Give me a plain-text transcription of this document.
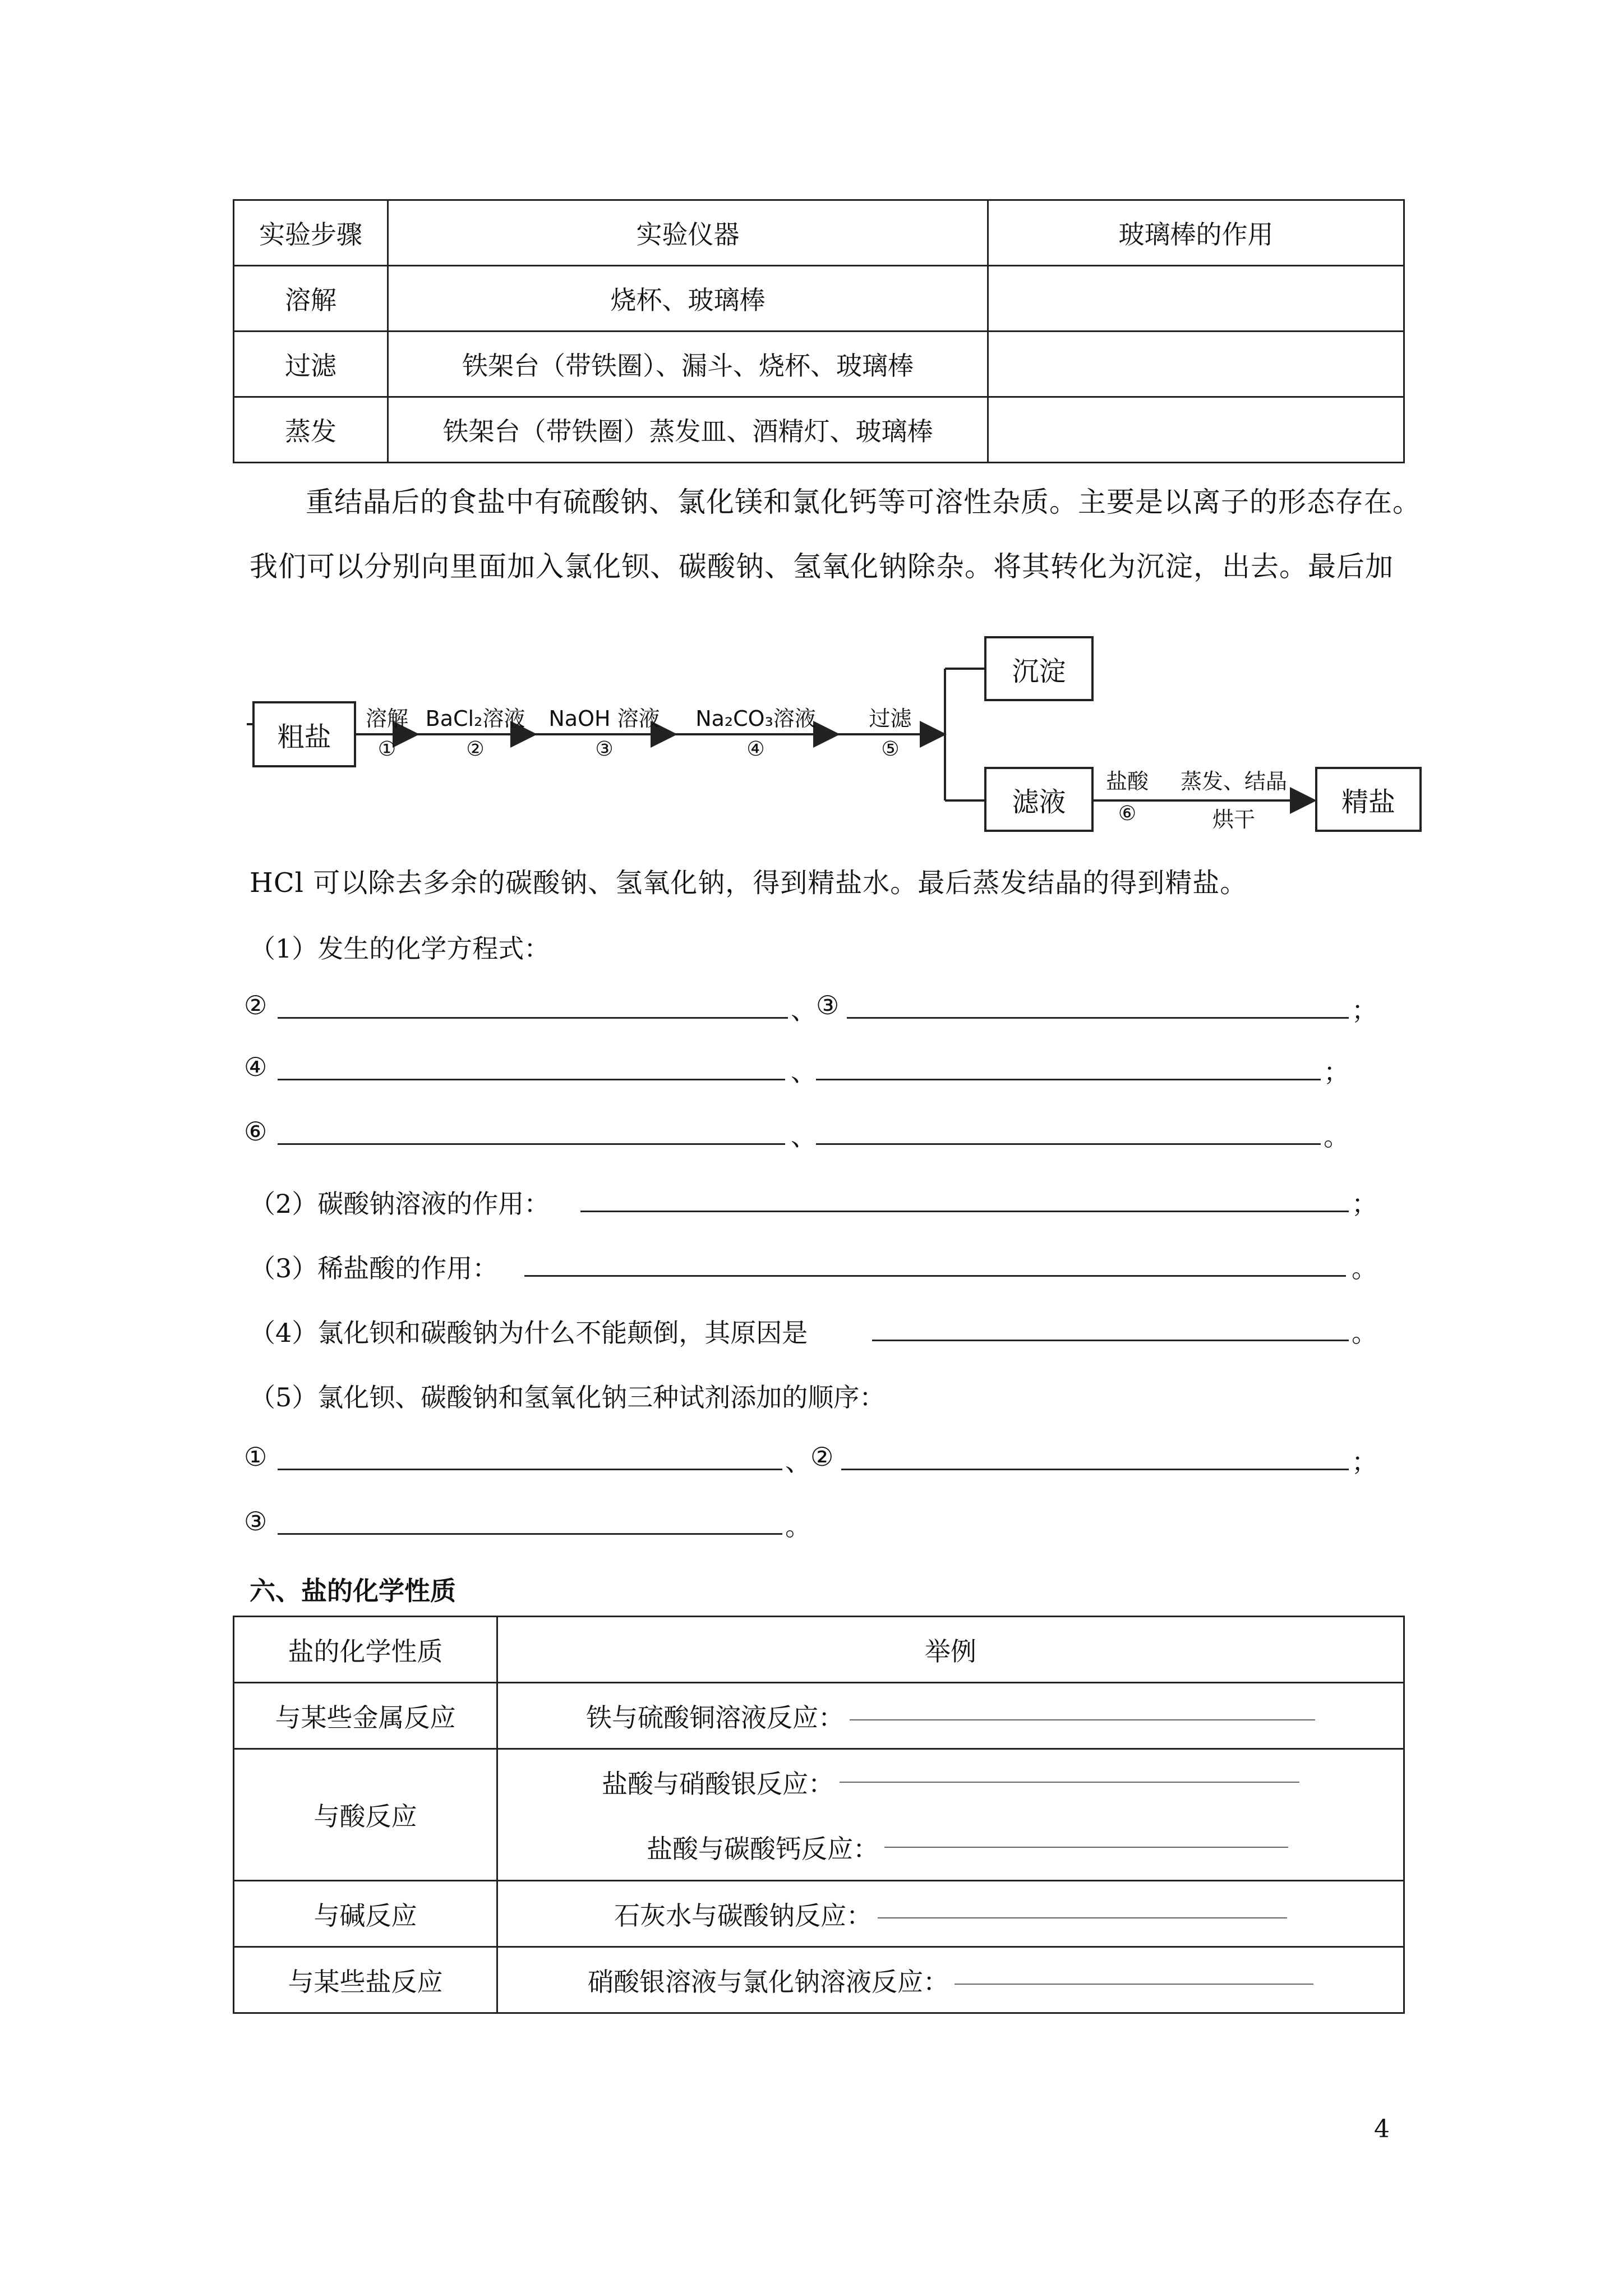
实验步骤	实验仪器	玻璃棒的作用
溶解	烧杯、玻璃棒	
过滤	铁架台（带铁圈）、漏斗、烧杯、玻璃棒	
蒸发	铁架台（带铁圈）蒸发皿、酒精灯、玻璃棒	
重结晶后的食盐中有硫酸钠、氯化镁和氯化钙等可溶性杂质。主要是以离子的形态存在。
我们可以分别向里面加入氯化钡、碳酸钠、氢氧化钠除杂。将其转化为沉淀，出去。最后加
粗盐
溶解
①
BaCl₂溶液
②
NaOH 溶液
③
Na₂CO₃溶液
④
过滤
⑤
沉淀
滤液
盐酸
⑥
蒸发、结晶
烘干
精盐
HCl 可以除去多余的碳酸钠、氢氧化钠，得到精盐水。最后蒸发结晶的得到精盐。
（1）发生的化学方程式：
②	、 ③	；
④	、	；
⑥	、	。
（2）碳酸钠溶液的作用：	；
（3）稀盐酸的作用：	。
（4）氯化钡和碳酸钠为什么不能颠倒，其原因是	。
（5）氯化钡、碳酸钠和氢氧化钠三种试剂添加的顺序：
①	、 ②	；
③	。
六、盐的化学性质
盐的化学性质	举例
与某些金属反应	铁与硫酸铜溶液反应：
与酸反应	盐酸与硝酸银反应：
盐酸与碳酸钙反应：

与碱反应	石灰水与碳酸钠反应：
与某些盐反应	硝酸银溶液与氯化钠溶液反应：
4
